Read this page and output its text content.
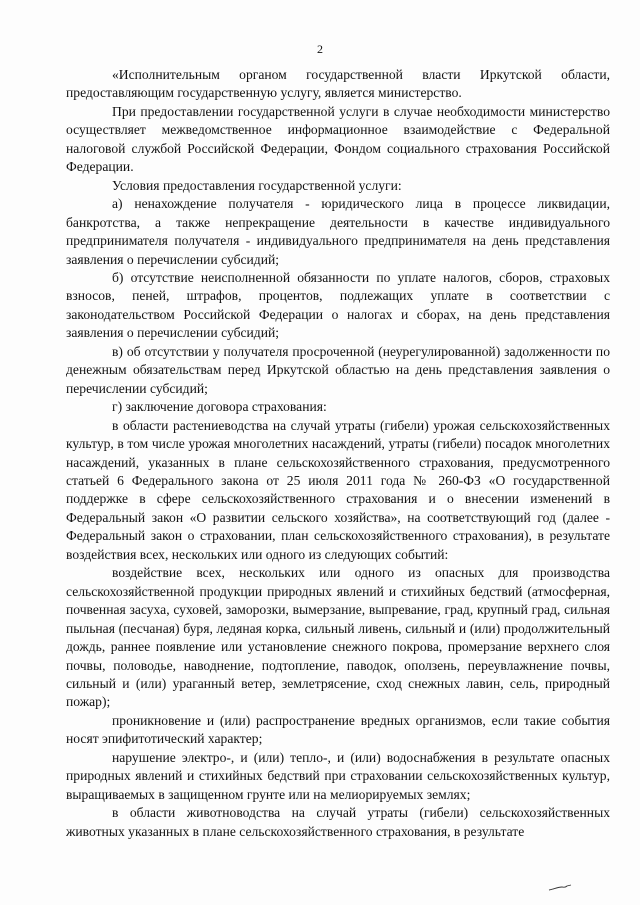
2

«Исполнительным органом государственной власти Иркутской области, предоставляющим государственную услугу, является министерство.

При предоставлении государственной услуги в случае необходимости министерство осуществляет межведомственное информационное взаимодействие с Федеральной налоговой службой Российской Федерации, Фондом социального страхования Российской Федерации.

Условия предоставления государственной услуги:

а) ненахождение получателя - юридического лица в процессе ликвидации, банкротства, а также непрекращение деятельности в качестве индивидуального предпринимателя получателя - индивидуального предпринимателя на день представления заявления о перечислении субсидий;

б) отсутствие неисполненной обязанности по уплате налогов, сборов, страховых взносов, пеней, штрафов, процентов, подлежащих уплате в соответствии с законодательством Российской Федерации о налогах и сборах, на день представления заявления о перечислении субсидий;

в) об отсутствии у получателя просроченной (неурегулированной) задолженности по денежным обязательствам перед Иркутской областью на день представления заявления о перечислении субсидий;

г) заключение договора страхования:

в области растениеводства на случай утраты (гибели) урожая сельскохозяйственных культур, в том числе урожая многолетних насаждений, утраты (гибели) посадок многолетних насаждений, указанных в плане сельскохозяйственного страхования, предусмотренного статьей 6 Федерального закона от 25 июля 2011 года № 260-ФЗ «О государственной поддержке в сфере сельскохозяйственного страхования и о внесении изменений в Федеральный закон «О развитии сельского хозяйства», на соответствующий год (далее - Федеральный закон о страховании, план сельскохозяйственного страхования), в результате воздействия всех, нескольких или одного из следующих событий:

воздействие всех, нескольких или одного из опасных для производства сельскохозяйственной продукции природных явлений и стихийных бедствий (атмосферная, почвенная засуха, суховей, заморозки, вымерзание, выпревание, град, крупный град, сильная пыльная (песчаная) буря, ледяная корка, сильный ливень, сильный и (или) продолжительный дождь, раннее появление или установление снежного покрова, промерзание верхнего слоя почвы, половодье, наводнение, подтопление, паводок, оползень, переувлажнение почвы, сильный и (или) ураганный ветер, землетрясение, сход снежных лавин, сель, природный пожар);

проникновение и (или) распространение вредных организмов, если такие события носят эпифитотический характер;

нарушение электро-, и (или) тепло-, и (или) водоснабжения в результате опасных природных явлений и стихийных бедствий при страховании сельскохозяйственных культур, выращиваемых в защищенном грунте или на мелиорируемых землях;

в области животноводства на случай утраты (гибели) сельскохозяйственных животных указанных в плане сельскохозяйственного страхования, в результате
